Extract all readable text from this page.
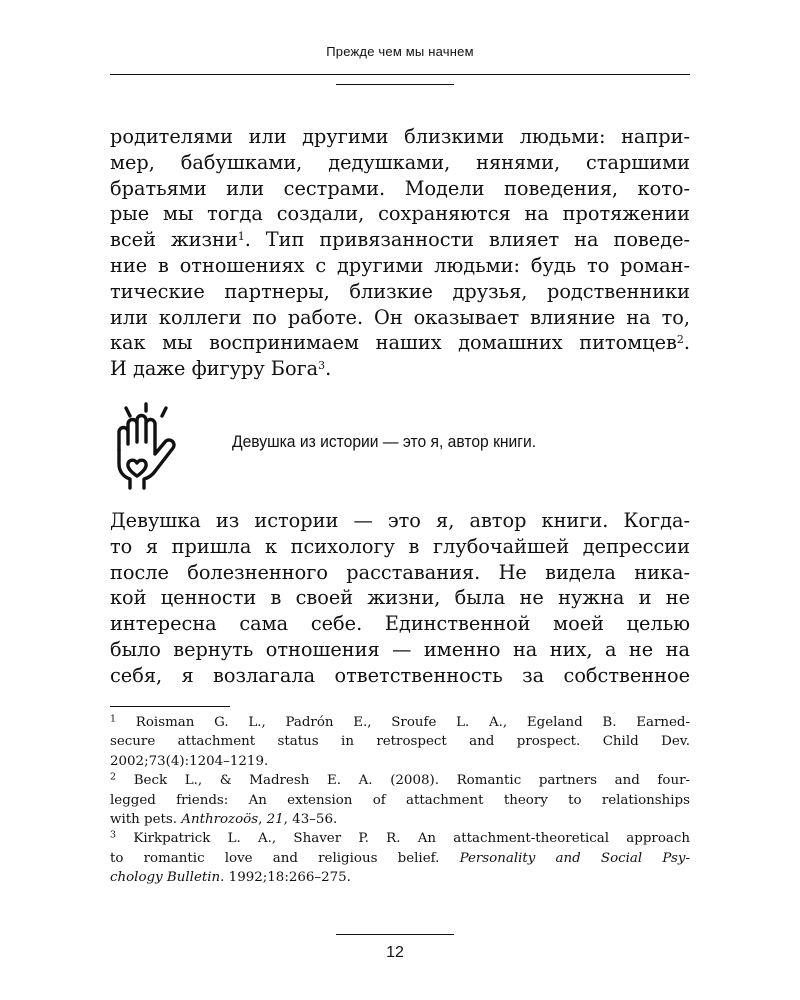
Прежде чем мы начнем

родителями или другими близкими людьми: напри-
мер, бабушками, дедушками, нянями, старшими
братьями или сестрами. Модели поведения, кото-
рые мы тогда создали, сохраняются на протяжении
всей жизни$^1$. Тип привязанности влияет на поведе-
ние в отношениях с другими людьми: будь то роман-
тические партнеры, близкие друзья, родственники
или коллеги по работе. Он оказывает влияние на то,
как мы воспринимаем наших домашних питомцев$^2$.
И даже фигуру Бога$^3$.

Девушка из истории — это я, автор книги.

Девушка из истории — это я, автор книги. Когда-
то я пришла к психологу в глубочайшей депрессии
после болезненного расставания. Не видела ника-
кой ценности в своей жизни, была не нужна и не
интересна сама себе. Единственной моей целью
было вернуть отношения — именно на них, а не на
себя, я возлагала ответственность за собственное

$^1$ Roisman G. L., Padrón E., Sroufe L. A., Egeland B. Earned-
secure attachment status in retrospect and prospect. Child Dev.
2002;73(4):1204–1219.
$^2$ Beck L., & Madresh E. A. (2008). Romantic partners and four-
legged friends: An extension of attachment theory to relationships
with pets. Anthrozoös, 21, 43–56.
$^3$ Kirkpatrick L. A., Shaver P. R. An attachment-theoretical approach
to romantic love and religious belief. Personality and Social Psy-
chology Bulletin. 1992;18:266–275.
12
